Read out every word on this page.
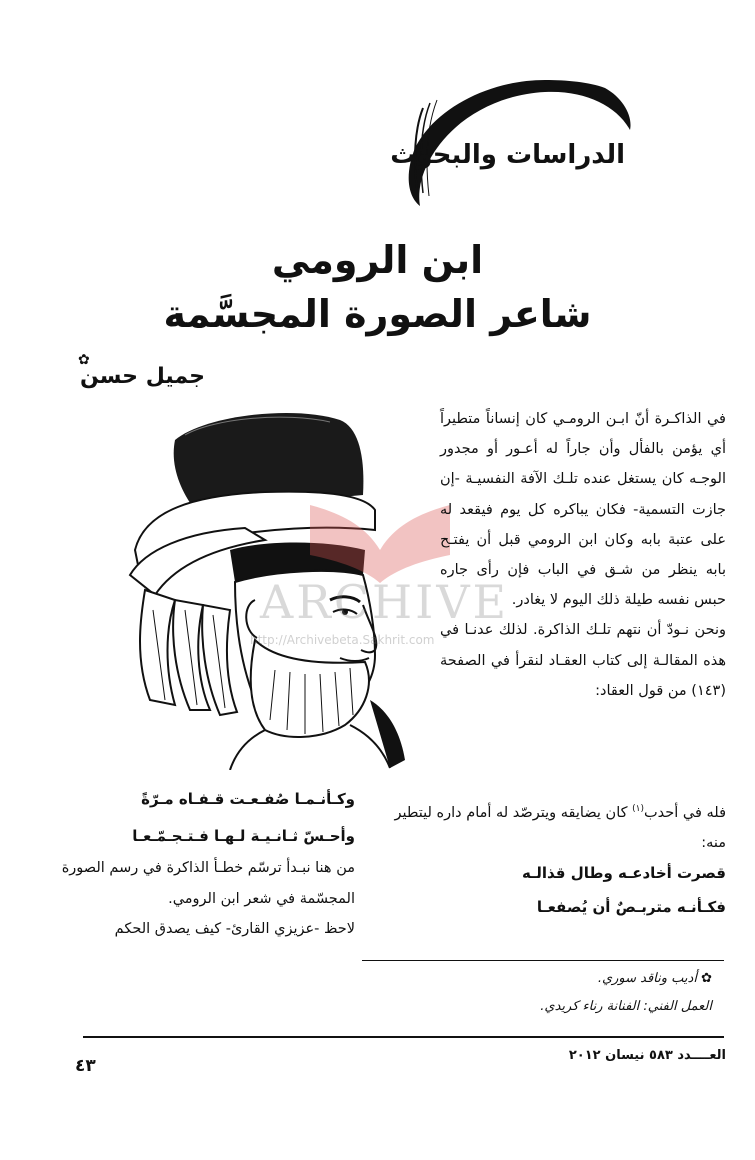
الدراسات والبحوث
ابن الرومي
شاعر الصورة المجسَّمة
✿
جميل حسن
ARCHIVE
http://Archivebeta.Sakhrit.com

ﻓﻲ الذاكـرة أنّ ابـن الرومـي كان إنساناً متطيراً أي يؤمن بالفأل وأن جاراً له أعـور أو مجدور الوجـه كان يستغل عنده تلـك الآفة النفسيـة -إن جازت التسمية- فكان يباكره كل يوم فيقعد له على عتبة بابه وكان ابن الرومي قبل أن يفتـح بابه ينظر من شـق ﻓﻲ الباب فإن رأى جاره حبس نفسه طيلة ذلك اليوم لا يغادر.

ونحن نـودّ أن نتهم تلـك الذاكرة. لذلك عدنـا ﻓﻲ هذه المقالـة إلى كتاب العقـاد لنقرأ ﻓﻲ الصفحة (١٤٣) من قول العقاد:

فله ﻓﻲ أحدب$^{(١)}$ كان يضايقه ويترصّد له أمام داره ليتطير منه:

قصرت أخادعـه وطال قذالـه

فكـأنـه متربـصٌ أن يُصفعـا

وكـأنـمـا صُفـعـت قـفـاه مـرّةً

وأحـسّ ثـانـيـة لـهـا فـتـجـمّـعـا

من هنا نبـدأ ترسّم خطـأ الذاكرة ﻓﻲ رسم الصورة المجسّمة ﻓﻲ شعر ابن الرومي.

لاحظ -عزيزي القارئ- كيف يصدق الحكم

✿ أديب وناقد سوري.

العمل الفني: الفنانة رناء كريدي.

العــــدد ٥٨٣ نيسان ٢٠١٢
٤٣
